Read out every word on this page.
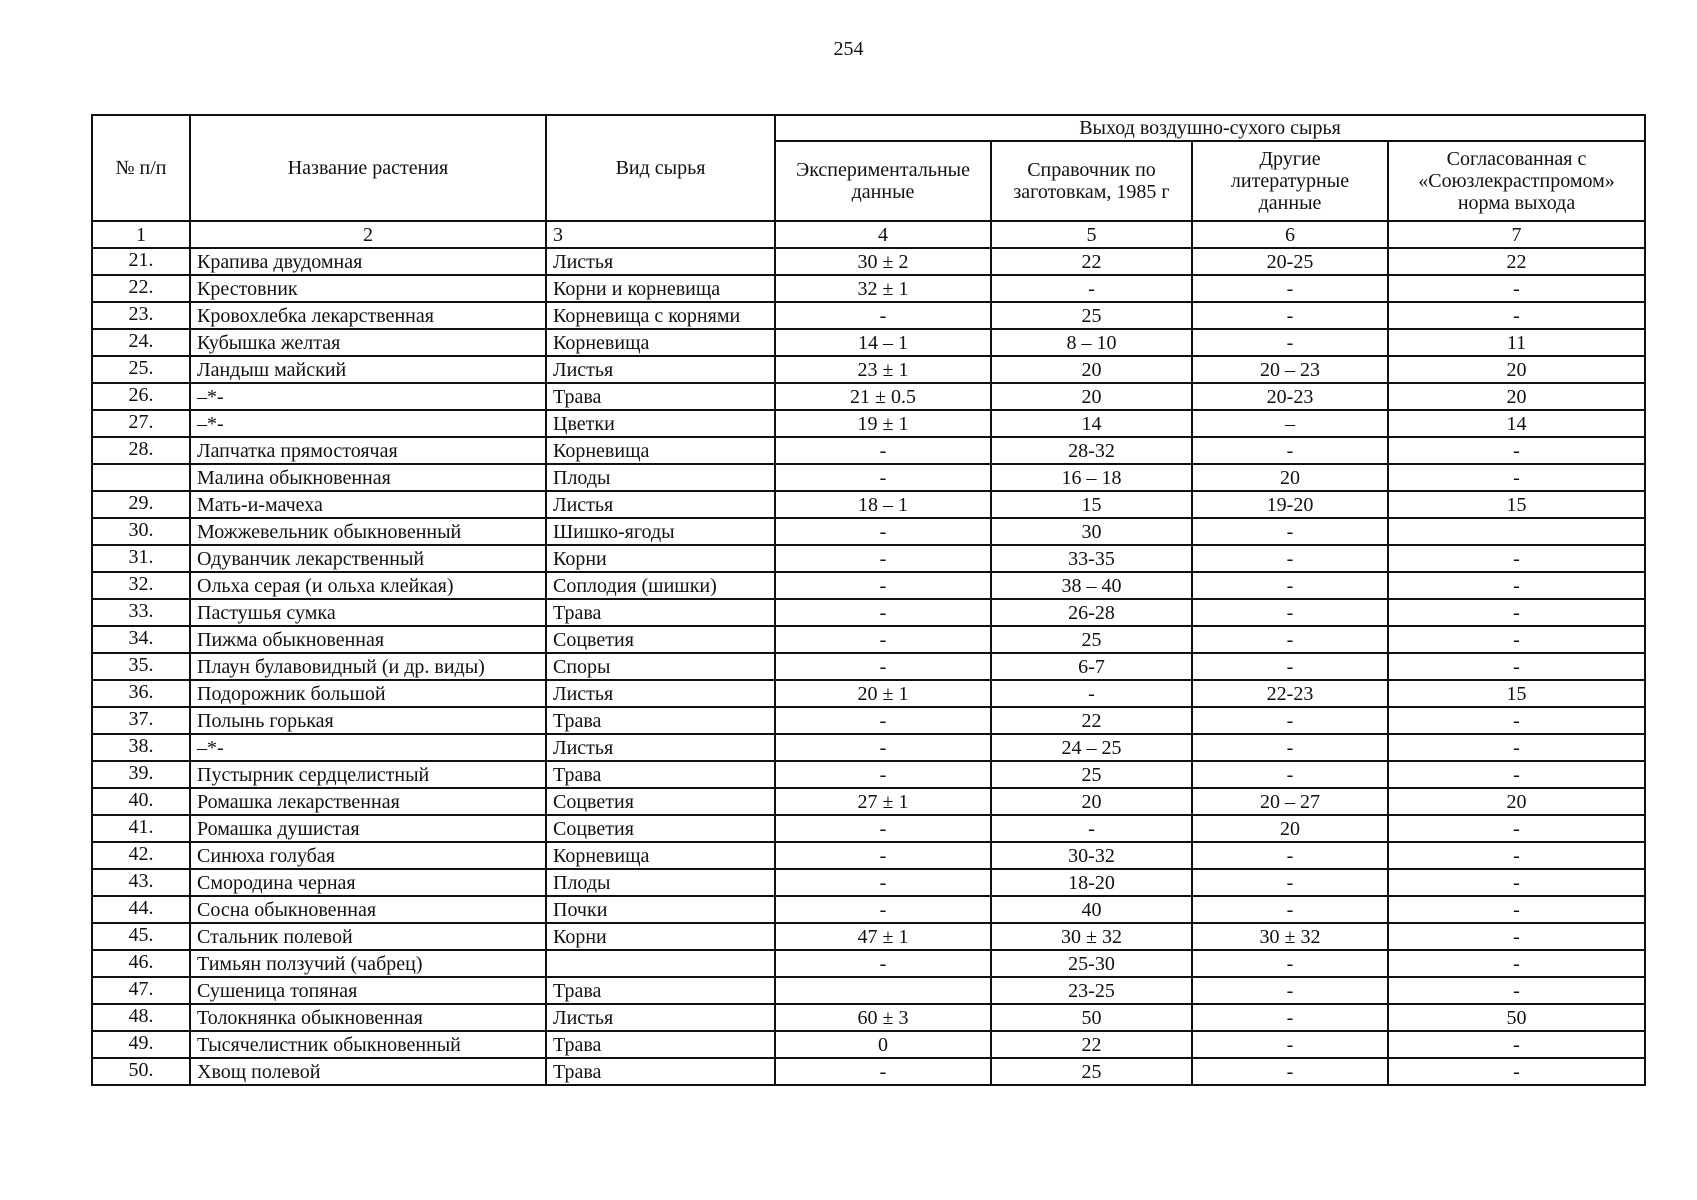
254
№ п/п	Название растения	Вид сырья	Выход воздушно-сухого сырья			
			Экспериментальные данные	Справочник по заготовкам, 1985 г	Другие литературные данные	Согласованная с «Союзлекрастпромом» норма выхода
1	2	3	4	5	6	7
21.	Крапива двудомная	Листья	30 ± 2	22	20-25	22
22.	Крестовник	Корни и корневища	32 ± 1	-	-	-
23.	Кровохлебка лекарственная	Корневища с корнями	-	25	-	-
24.	Кубышка желтая	Корневища	14 – 1	8 – 10	-	11
25.	Ландыш майский	Листья	23 ± 1	20	20 – 23	20
26.	–*-	Трава	21 ± 0.5	20	20-23	20
27.	–*-	Цветки	19 ± 1	14	–	14
28.	Лапчатка прямостоячая	Корневища	-	28-32	-	-
	Малина обыкновенная	Плоды	-	16 – 18	20	-
29.	Мать-и-мачеха	Листья	18 – 1	15	19-20	15
30.	Можжевельник обыкновенный	Шишко-ягоды	-	30	-	
31.	Одуванчик лекарственный	Корни	-	33-35	-	-
32.	Ольха серая (и ольха клейкая)	Соплодия (шишки)	-	38 – 40	-	-
33.	Пастушья сумка	Трава	-	26-28	-	-
34.	Пижма обыкновенная	Соцветия	-	25	-	-
35.	Плаун булавовидный (и др. виды)	Споры	-	6-7	-	-
36.	Подорожник большой	Листья	20 ± 1	-	22-23	15
37.	Полынь горькая	Трава	-	22	-	-
38.	–*-	Листья	-	24 – 25	-	-
39.	Пустырник сердцелистный	Трава	-	25	-	-
40.	Ромашка лекарственная	Соцветия	27 ± 1	20	20 – 27	20
41.	Ромашка душистая	Соцветия	-	-	20	-
42.	Синюха голубая	Корневища	-	30-32	-	-
43.	Смородина черная	Плоды	-	18-20	-	-
44.	Сосна обыкновенная	Почки	-	40	-	-
45.	Стальник полевой	Корни	47 ± 1	30 ± 32	30 ± 32	-
46.	Тимьян ползучий (чабрец)		-	25-30	-	-
47.	Сушеница топяная	Трава		23-25	-	-
48.	Толокнянка обыкновенная	Листья	60 ± 3	50	-	50
49.	Тысячелистник обыкновенный	Трава	0	22	-	-
50.	Хвощ полевой	Трава	-	25	-	-
